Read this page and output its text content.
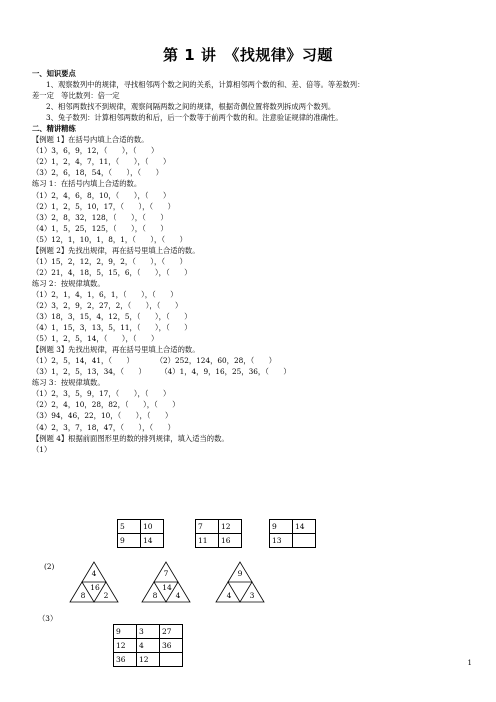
第 1 讲　《找规律》习题
一、知识要点
1、观察数列中的规律，寻找相邻两个数之间的关系，计算相邻两个数的和、差、倍等。等差数列：
差一定　等比数列：倍一定
2、相邻两数找不到规律，观察间隔两数之间的规律，根据奇偶位置将数列拆成两个数列。
3、兔子数列：计算相邻两数的和后，后一个数等于前两个数的和。注意验证规律的准确性。
二、精讲精练
【例题 1】在括号内填上合适的数。
（1）3，6，9，12，（　　），（　　）
（2）1，2，4，7，11，（　　），（　　）
（3）2，6，18，54，（　　），（　　）
练习 1：在括号内填上合适的数。
（1）2，4，6，8，10，（　　），（　　）
（2）1，2，5，10，17，（　　），（　　）
（3）2，8，32，128，（　　），（　　）
（4）1，5，25，125，（　　），（　　）
（5）12，1，10，1，8，1，（　　），（　　）
【例题 2】先找出规律，再在括号里填上合适的数。
（1）15，2，12，2，9，2，（　　），（　　）
（2）21，4，18，5，15，6，（　　），（　　）
练习 2：按规律填数。
（1）2，1，4，1，6，1，（　　），（　　）
（2）3，2，9，2，27，2，（　　），（　　）
（3）18，3，15，4，12，5，（　　），（　　）
（4）1，15，3，13，5，11，（　　），（　　）
（5）1，2，5，14，（　　），（　　）
【例题 3】先找出规律，再在括号里填上合适的数。
（1）2，5，14，41，（　　）　　　　（2）252，124，60，28，（　　）
（3）1，2，5，13，34，（　　）　　　（4）1，4，9，16，25，36，（　　）
练习 3：按规律填数。
（1）2，3，5，9，17，（　　），（　　）
（2）2，4，10，28，82，（　　），（　　）
（3）94，46，22，10，（　　），（　　）
（4）2，3，7，18，47，（　　），（　　）
【例题 4】根据前面图形里的数的排列规律，填入适当的数。
（1）
5	10
9	14
7	12
11	16
9	14
13	
(2)
4
16
8 2
7
14
8 4
9
4 3
（3）
9	3	27
12	4	36
36	12		1
